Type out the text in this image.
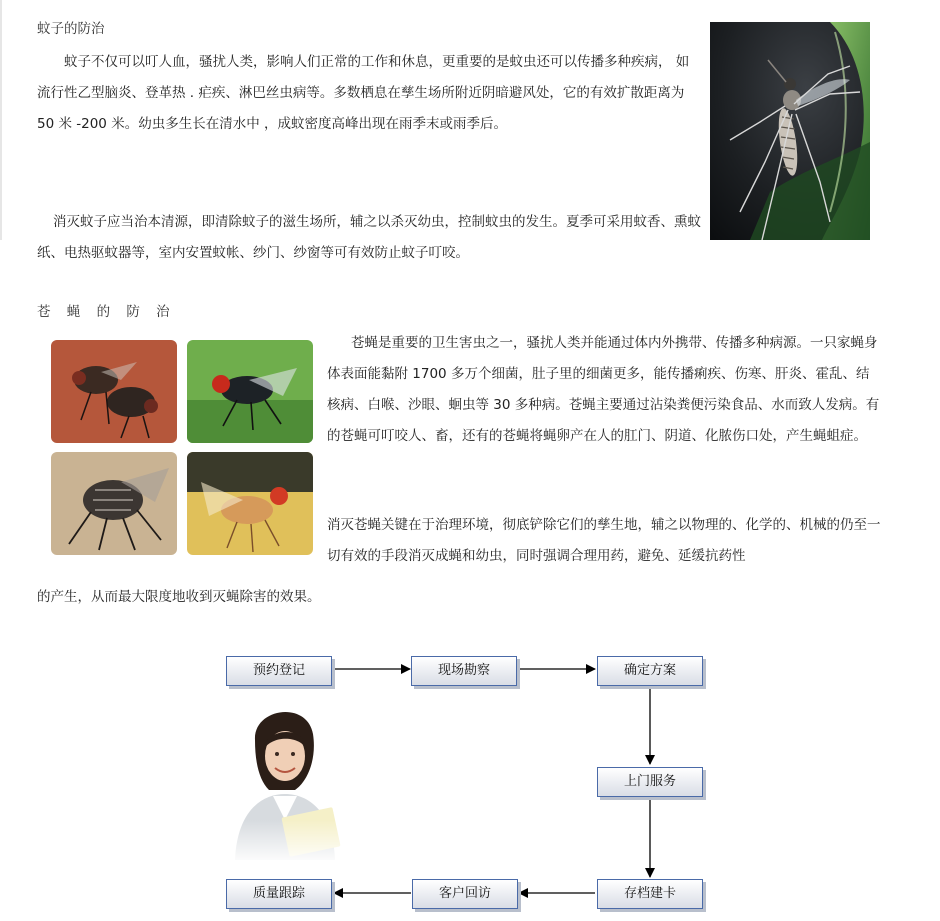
蚊子的防治

蚊子不仅可以叮人血，骚扰人类，影响人们正常的工作和休息，更重要的是蚊虫还可以传播多种疾病， 如流行性乙型脑炎、登革热 . 疟疾、淋巴丝虫病等。多数栖息在孳生场所附近阴暗避风处，它的有效扩散距离为 50 米 -200 米。幼虫多生长在清水中 ，成蚊密度高峰出现在雨季末或雨季后。

消灭蚊子应当治本清源，即清除蚊子的滋生场所，辅之以杀灭幼虫，控制蚊虫的发生。夏季可采用蚊香、熏蚊纸、电热驱蚊器等，室内安置蚊帐、纱门、纱窗等可有效防止蚊子叮咬。

苍 蝇 的 防 治

苍蝇是重要的卫生害虫之一，骚扰人类并能通过体内外携带、传播多种病源。一只家蝇身体表面能黏附 1700 多万个细菌，肚子里的细菌更多，能传播痢疾、伤寒、肝炎、霍乱、结核病、白喉、沙眼、蛔虫等 30 多种病。苍蝇主要通过沾染粪便污染食品、水而致人发病。有的苍蝇可叮咬人、畜，还有的苍蝇将蝇卵产在人的肛门、阴道、化脓伤口处，产生蝇蛆症。

消灭苍蝇关键在于治理环境，彻底铲除它们的孳生地，辅之以物理的、化学的、机械的仍至一切有效的手段消灭成蝇和幼虫，同时强调合理用药，避免、延缓抗药性

的产生，从而最大限度地收到灭蝇除害的效果。

预约登记	现场勘察	确定方案
上门服务
存档建卡
客户回访
质量跟踪
